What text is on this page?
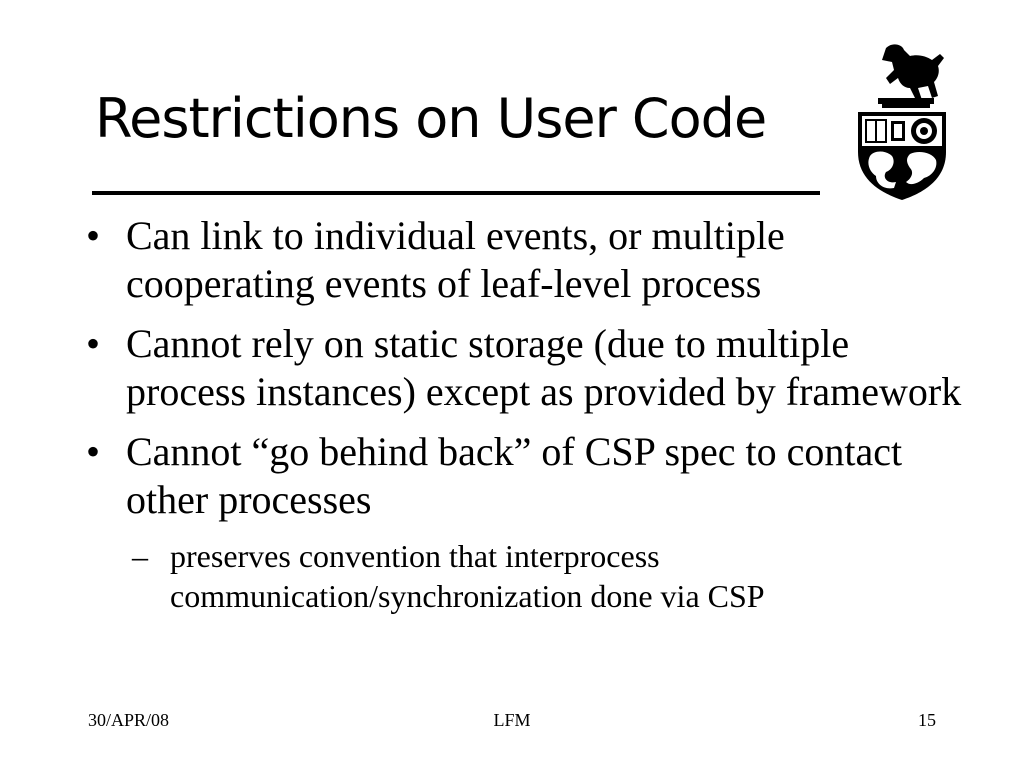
Restrictions on User Code
• Can link to individual events, or multiple cooperating events of leaf-level process
• Cannot rely on static storage (due to multiple process instances) except as provided by framework
• Cannot “go behind back” of CSP spec to contact other processes
– preserves convention that interprocess communication/synchronization done via CSP
30/APR/08	LFM	15
